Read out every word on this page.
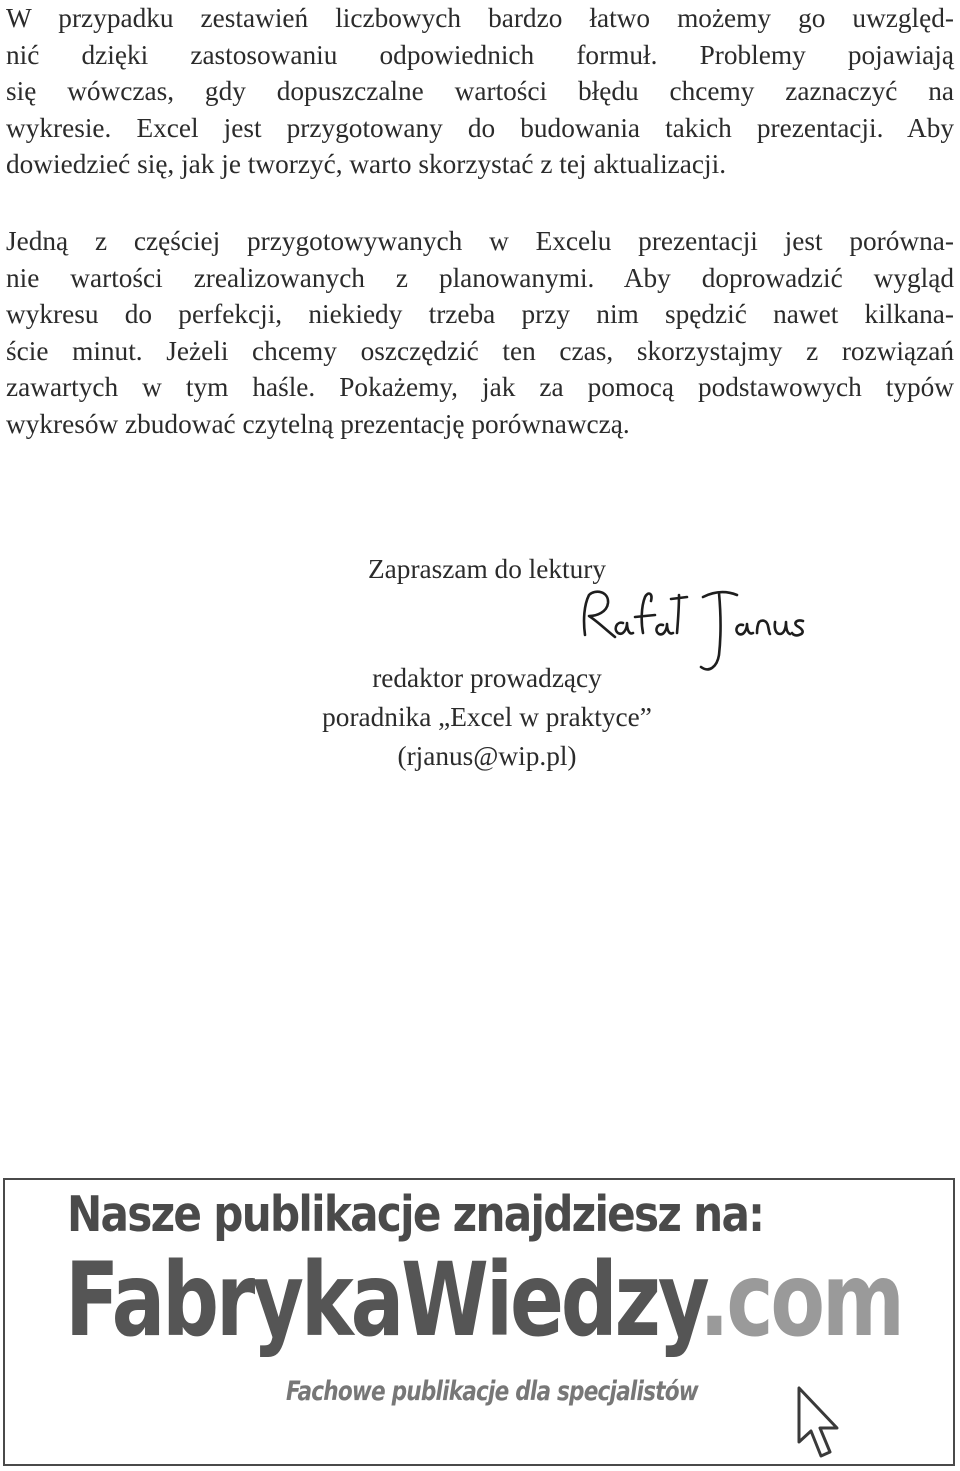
W przypadku zestawień liczbowych bardzo łatwo możemy go uwzględ-
nić dzięki zastosowaniu odpowiednich formuł. Problemy pojawiają
się wówczas, gdy dopuszczalne wartości błędu chcemy zaznaczyć na
wykresie. Excel jest przygotowany do budowania takich prezentacji. Aby
dowiedzieć się, jak je tworzyć, warto skorzystać z tej aktualizacji.
Jedną z częściej przygotowywanych w Excelu prezentacji jest porówna-
nie wartości zrealizowanych z planowanymi. Aby doprowadzić wygląd
wykresu do perfekcji, niekiedy trzeba przy nim spędzić nawet kilkana-
ście minut. Jeżeli chcemy oszczędzić ten czas, skorzystajmy z rozwiązań
zawartych w tym haśle. Pokażemy, jak za pomocą podstawowych typów
wykresów zbudować czytelną prezentację porównawczą.

Zapraszam do lektury

redaktor prowadzący

poradnika „Excel w praktyce”

(rjanus@wip.pl)

Nasze publikacje znajdziesz na:
FabrykaWiedzy.com
Fachowe publikacje dla specjalistów
